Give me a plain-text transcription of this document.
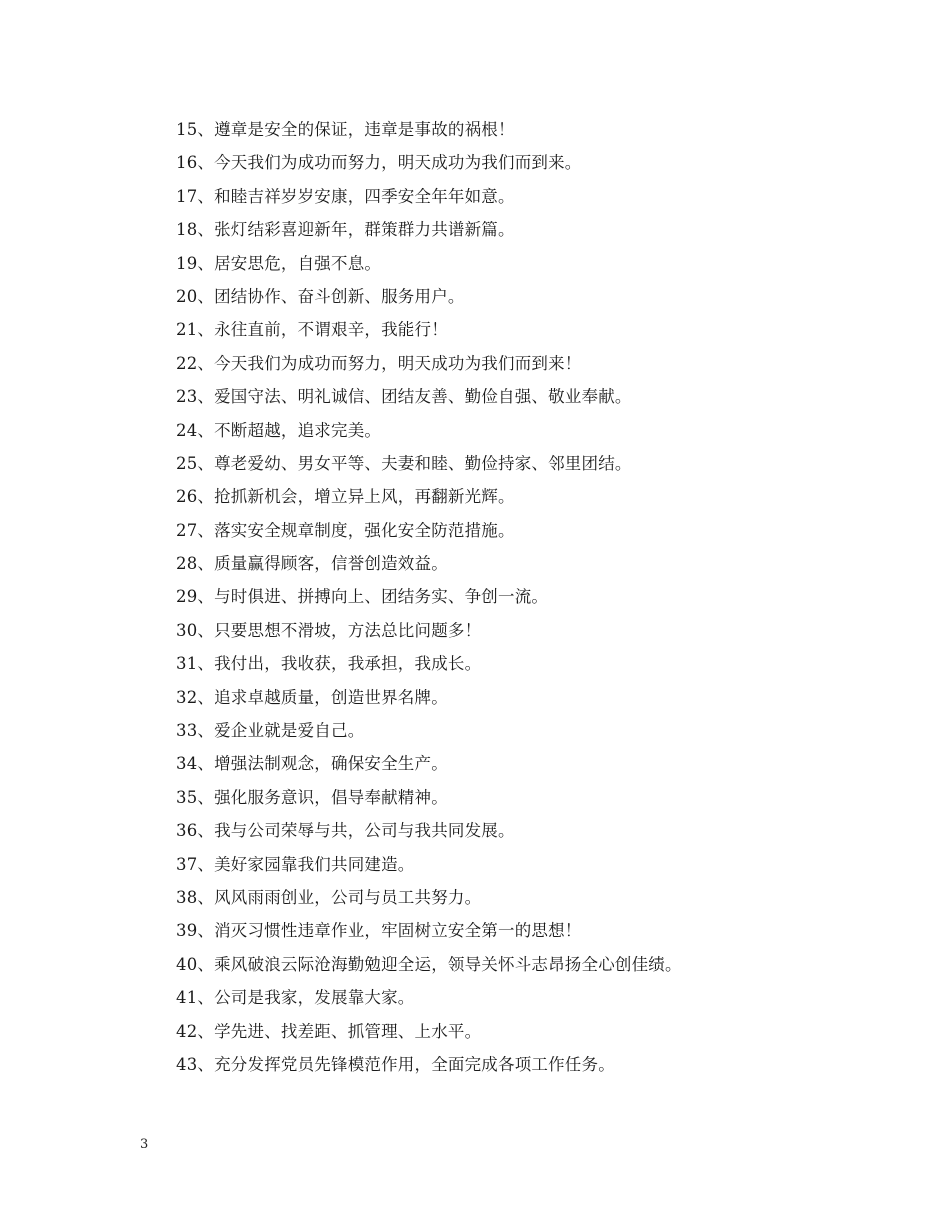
15、遵章是安全的保证，违章是事故的祸根！
16、今天我们为成功而努力，明天成功为我们而到来。
17、和睦吉祥岁岁安康，四季安全年年如意。
18、张灯结彩喜迎新年，群策群力共谱新篇。
19、居安思危，自强不息。
20、团结协作、奋斗创新、服务用户。
21、永往直前，不谓艰辛，我能行！
22、今天我们为成功而努力，明天成功为我们而到来！
23、爱国守法、明礼诚信、团结友善、勤俭自强、敬业奉献。
24、不断超越，追求完美。
25、尊老爱幼、男女平等、夫妻和睦、勤俭持家、邻里团结。
26、抢抓新机会，增立异上风，再翻新光辉。
27、落实安全规章制度，强化安全防范措施。
28、质量赢得顾客，信誉创造效益。
29、与时俱进、拼搏向上、团结务实、争创一流。
30、只要思想不滑坡，方法总比问题多！
31、我付出，我收获，我承担，我成长。
32、追求卓越质量，创造世界名牌。
33、爱企业就是爱自己。
34、增强法制观念，确保安全生产。
35、强化服务意识，倡导奉献精神。
36、我与公司荣辱与共，公司与我共同发展。
37、美好家园靠我们共同建造。
38、风风雨雨创业，公司与员工共努力。
39、消灭习惯性违章作业，牢固树立安全第一的思想！
40、乘风破浪云际沧海勤勉迎全运，领导关怀斗志昂扬全心创佳绩。
41、公司是我家，发展靠大家。
42、学先进、找差距、抓管理、上水平。
43、充分发挥党员先锋模范作用，全面完成各项工作任务。
3
